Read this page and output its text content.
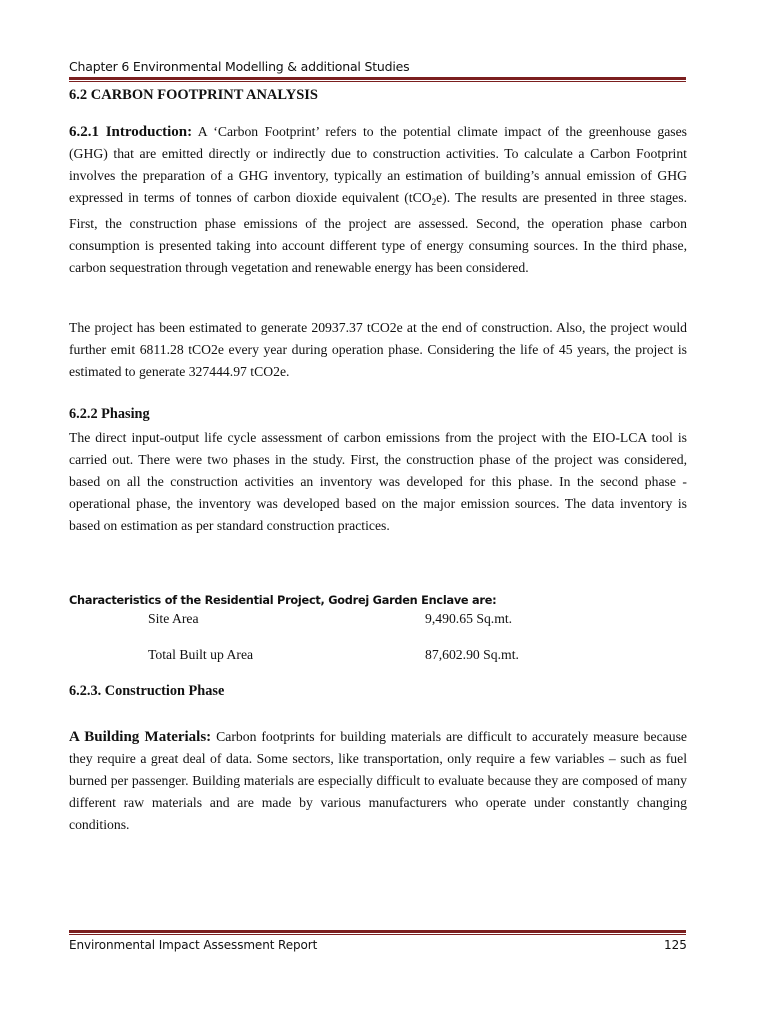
Chapter 6 Environmental Modelling & additional Studies
6.2 CARBON FOOTPRINT ANALYSIS
6.2.1 Introduction: A ‘Carbon Footprint’ refers to the potential climate impact of the greenhouse gases (GHG) that are emitted directly or indirectly due to construction activities. To calculate a Carbon Footprint involves the preparation of a GHG inventory, typically an estimation of building’s annual emission of GHG expressed in terms of tonnes of carbon dioxide equivalent (tCO$_2$e). The results are presented in three stages. First, the construction phase emissions of the project are assessed. Second, the operation phase carbon consumption is presented taking into account different type of energy consuming sources. In the third phase, carbon sequestration through vegetation and renewable energy has been considered.
The project has been estimated to generate 20937.37 tCO2e at the end of construction. Also, the project would further emit 6811.28 tCO2e every year during operation phase. Considering the life of 45 years, the project is estimated to generate 327444.97 tCO2e.
6.2.2 Phasing
The direct input-output life cycle assessment of carbon emissions from the project with the EIO-LCA tool is carried out. There were two phases in the study. First, the construction phase of the project was considered, based on all the construction activities an inventory was developed for this phase. In the second phase - operational phase, the inventory was developed based on the major emission sources. The data inventory is based on estimation as per standard construction practices.
Characteristics of the Residential Project, Godrej Garden Enclave are:
Site Area	9,490.65 Sq.mt.
Total Built up Area	87,602.90 Sq.mt.
6.2.3. Construction Phase
A Building Materials: Carbon footprints for building materials are difficult to accurately measure because they require a great deal of data. Some sectors, like transportation, only require a few variables – such as fuel burned per passenger. Building materials are especially difficult to evaluate because they are composed of many different raw materials and are made by various manufacturers who operate under constantly changing conditions.
Environmental Impact Assessment Report	125
